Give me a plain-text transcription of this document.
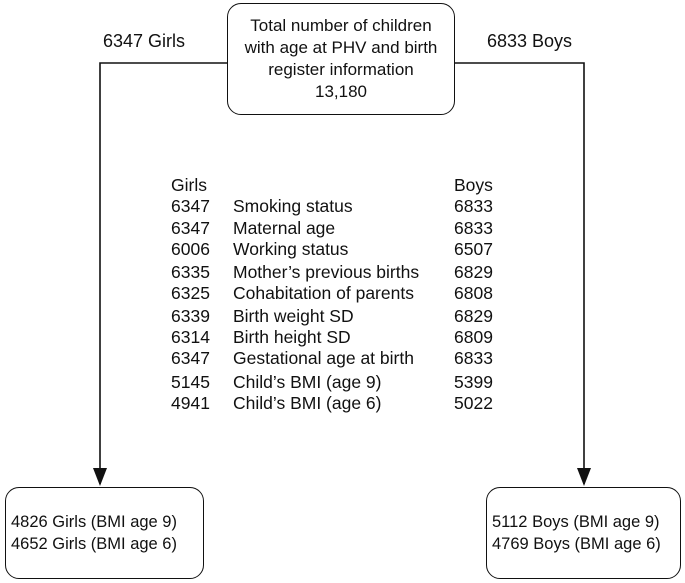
Total number of children
with age at PHV and birth
register information
13,180
6347 Girls	6833 Boys
Girls	Boys
6347 Smoking status	6833
6347 Maternal age	6833
6006 Working status	6507
6335 Mother’s previous births 6829
6325 Cohabitation of parents 6808
6339 Birth weight SD	6829
6314 Birth height SD	6809
6347 Gestational age at birth 6833
5145 Child’s BMI (age 9)	5399
4941 Child’s BMI (age 6)	5022
4826 Girls (BMI age 9)
4652 Girls (BMI age 6)
5112 Boys (BMI age 9)
4769 Boys (BMI age 6)
